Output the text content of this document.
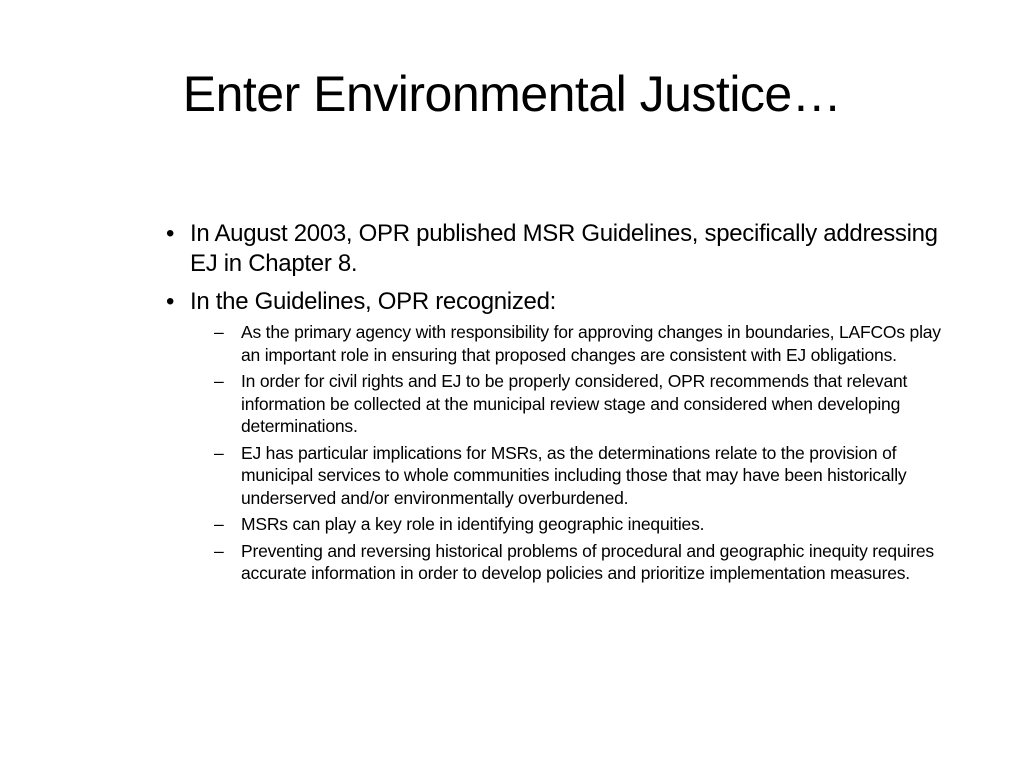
Enter Environmental Justice…
• In August 2003, OPR published MSR Guidelines, specifically addressing EJ in Chapter 8.
• In the Guidelines, OPR recognized:
– As the primary agency with responsibility for approving changes in boundaries, LAFCOs play an important role in ensuring that proposed changes are consistent with EJ obligations.
– In order for civil rights and EJ to be properly considered, OPR recommends that relevant information be collected at the municipal review stage and considered when developing determinations.
– EJ has particular implications for MSRs, as the determinations relate to the provision of municipal services to whole communities including those that may have been historically underserved and/or environmentally overburdened.
– MSRs can play a key role in identifying geographic inequities.
– Preventing and reversing historical problems of procedural and geographic inequity requires accurate information in order to develop policies and prioritize implementation measures.
